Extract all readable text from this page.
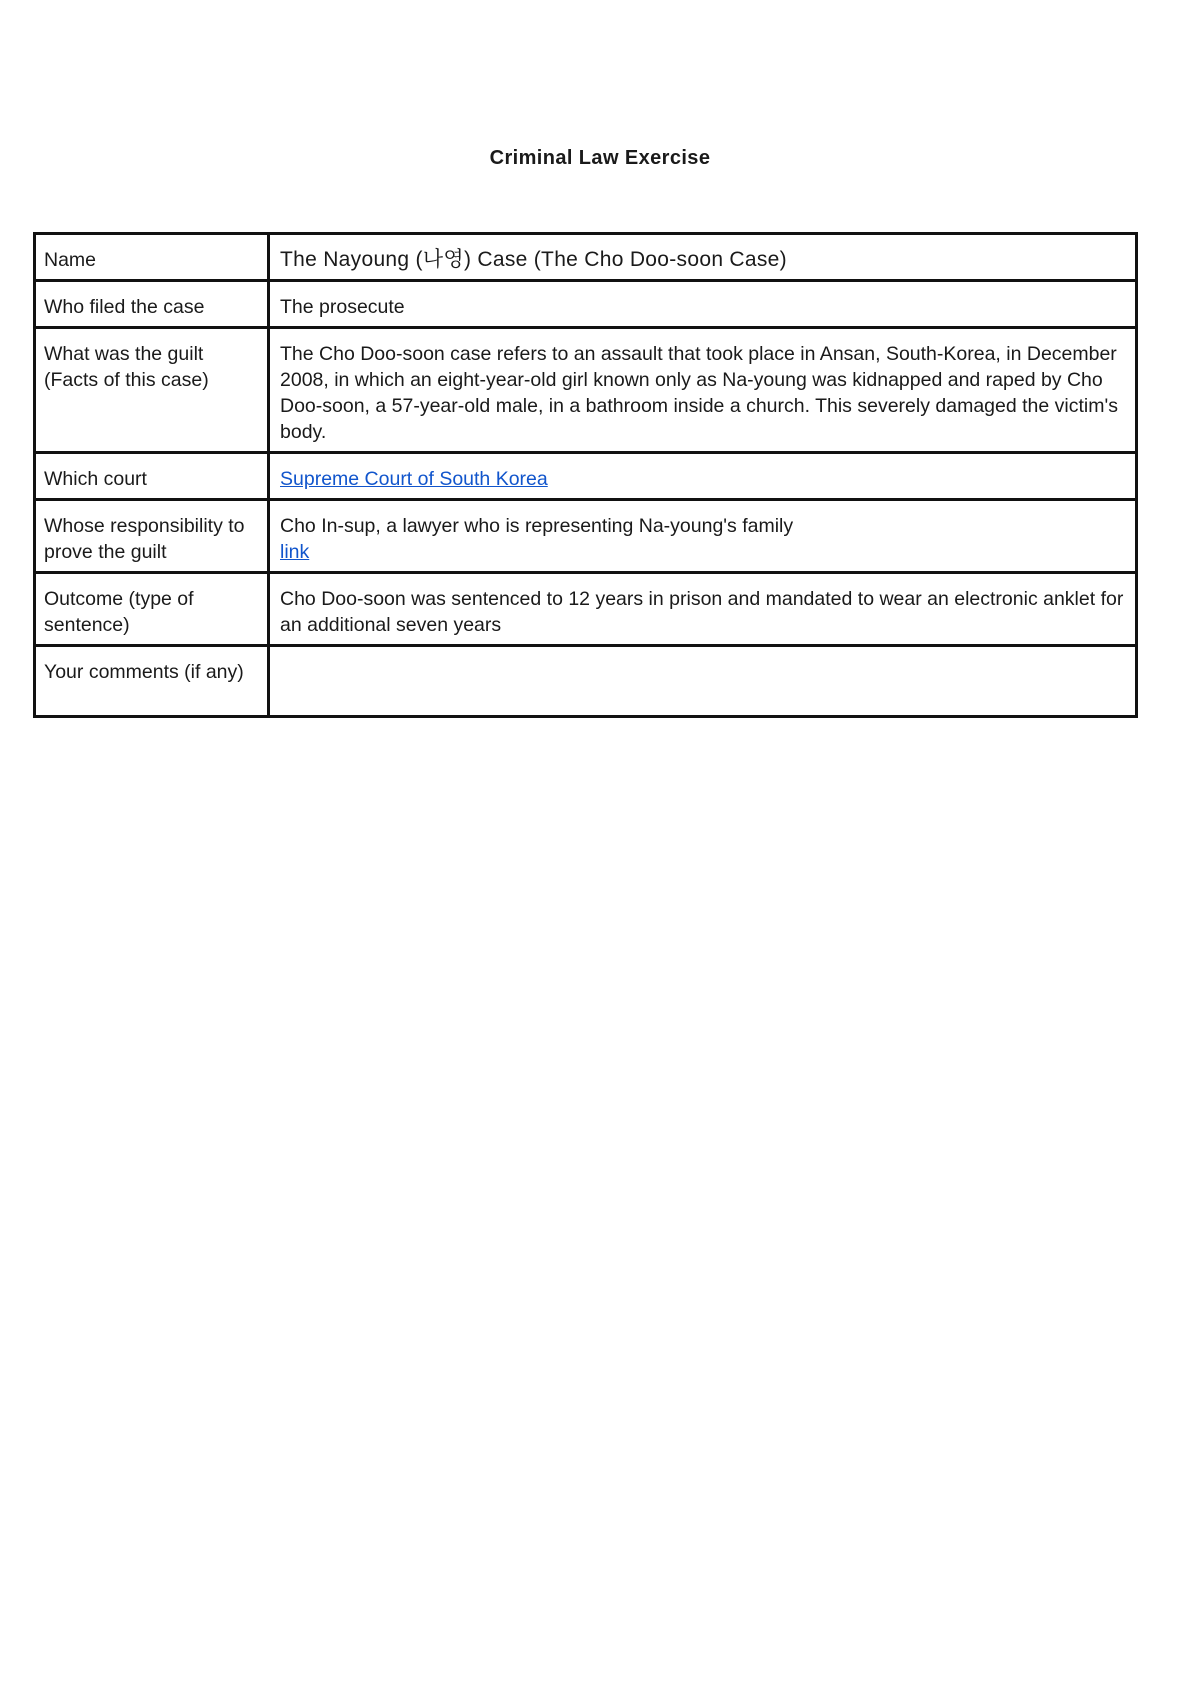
Criminal Law Exercise
Name	The Nayoung (나영) Case (The Cho Doo-soon Case)
Who filed the case	The prosecute
What was the guilt (Facts of this case)	The Cho Doo-soon case refers to an assault that took place in Ansan, South-Korea, in December 2008, in which an eight-year-old girl known only as Na-young was kidnapped and raped by Cho Doo-soon, a 57-year-old male, in a bathroom inside a church. This severely damaged the victim's body.
Which court	Supreme Court of South Korea
Whose responsibility to prove the guilt	Cho In-sup, a lawyer who is representing Na-young's family
link

Outcome (type of sentence)	Cho Doo-soon was sentenced to 12 years in prison and mandated to wear an electronic anklet for an additional seven years
Your comments (if any)	
